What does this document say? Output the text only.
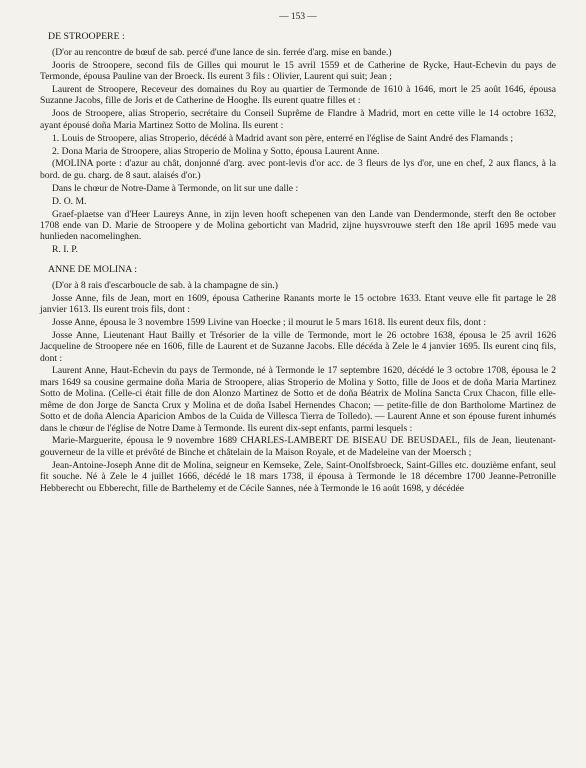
— 153 —
DE STROOPERE :
(D'or au rencontre de bœuf de sab. percé d'une lance de sin. ferrée d'arg. mise en bande.)
Jooris de Stroopere, second fils de Gilles qui mourut le 15 avril 1559 et de Catherine de Rycke, Haut-Echevin du pays de Termonde, épousa Pauline van der Broeck. Ils eurent 3 fils : Olivier, Laurent qui suit; Jean ;
Laurent de Stroopere, Receveur des domaines du Roy au quartier de Termonde de 1610 à 1646, mort le 25 août 1646, épousa Suzanne Jacobs, fille de Joris et de Catherine de Hooghe. Ils eurent quatre filles et :
Joos de Stroopere, alias Stroperio, secrétaire du Conseil Suprême de Flandre à Madrid, mort en cette ville le 14 octobre 1632, ayant épousé doña Maria Martinez Sotto de Molina. Ils eurent :
1. Louis de Stroopere, alias Stroperio, décédé à Madrid avant son père, enterré en l'église de Saint André des Flamands ;
2. Dona Maria de Stroopere, alias Stroperio de Molina y Sotto, épousa Laurent Anne.
(MOLINA porte : d'azur au chât, donjonné d'arg. avec pont-levis d'or acc. de 3 fleurs de lys d'or, une en chef, 2 aux flancs, à la bord. de gu. charg. de 8 saut. alaisés d'or.)
Dans le chœur de Notre-Dame à Termonde, on lit sur une dalle :
D. O. M.
Graef-plaetse van d'Heer Laureys Anne, in zijn leven hooft schepenen van den Lande van Dendermonde, sterft den 8e october 1708 ende van D. Marie de Stroopere y de Molina geborticht van Madrid, zijne huysvrouwe sterft den 18e april 1695 mede vau hunlieden nacomelinghen.
R. I. P.
ANNE DE MOLINA :
(D'or à 8 rais d'escarboucle de sab. à la champagne de sin.)
Josse Anne, fils de Jean, mort en 1609, épousa Catherine Ranants morte le 15 octobre 1633. Etant veuve elle fit partage le 28 janvier 1613. Ils eurent trois fils, dont :
Josse Anne, épousa le 3 novembre 1599 Livine van Hoecke ; il mourut le 5 mars 1618. Ils eurent deux fils, dont :
Josse Anne, Lieutenant Haut Bailly et Trésorier de la ville de Termonde, mort le 26 octobre 1638, épousa le 25 avril 1626 Jacqueline de Stroopere née en 1606, fille de Laurent et de Suzanne Jacobs. Elle décéda à Zele le 4 janvier 1695. Ils eurent cinq fils, dont :
Laurent Anne, Haut-Echevin du pays de Termonde, né à Termonde le 17 septembre 1620, décédé le 3 octobre 1708, épousa le 2 mars 1649 sa cousine germaine doña Maria de Stroopere, alias Stroperio de Molina y Sotto, fille de Joos et de doña Maria Martinez Sotto de Molina. (Celle-ci était fille de don Alonzo Martinez de Sotto et de doña Béatrix de Molina Sancta Crux Chacon, fille elle-même de don Jorge de Sancta Crux y Molina et de doña Isabel Hernendes Chacon; — petite-fille de don Bartholome Martinez de Sotto et de doña Alencia Aparicion Ambos de la Cuida de Villesca Tierra de Tolledo). — Laurent Anne et son épouse furent inhumés dans le chœur de l'église de Notre Dame à Termonde. Ils eurent dix-sept enfants, parmi lesquels :
Marie-Marguerite, épousa le 9 novembre 1689 CHARLES-LAMBERT DE BISEAU DE BEUSDAEL, fils de Jean, lieutenant-gouverneur de la ville et prévôté de Binche et châtelain de la Maison Royale, et de Madeleine van der Moersch ;
Jean-Antoine-Joseph Anne dit de Molina, seigneur en Kemseke, Zele, Saint-Onolfsbroeck, Saint-Gilles etc. douzième enfant, seul fit souche. Né à Zele le 4 juillet 1666, décédé le 18 mars 1738, il épousa à Termonde le 18 décembre 1700 Jeanne-Petronille Hebberecht ou Ebberecht, fille de Barthelemy et de Cécile Sannes, née à Termonde le 16 août 1698, y décédée
